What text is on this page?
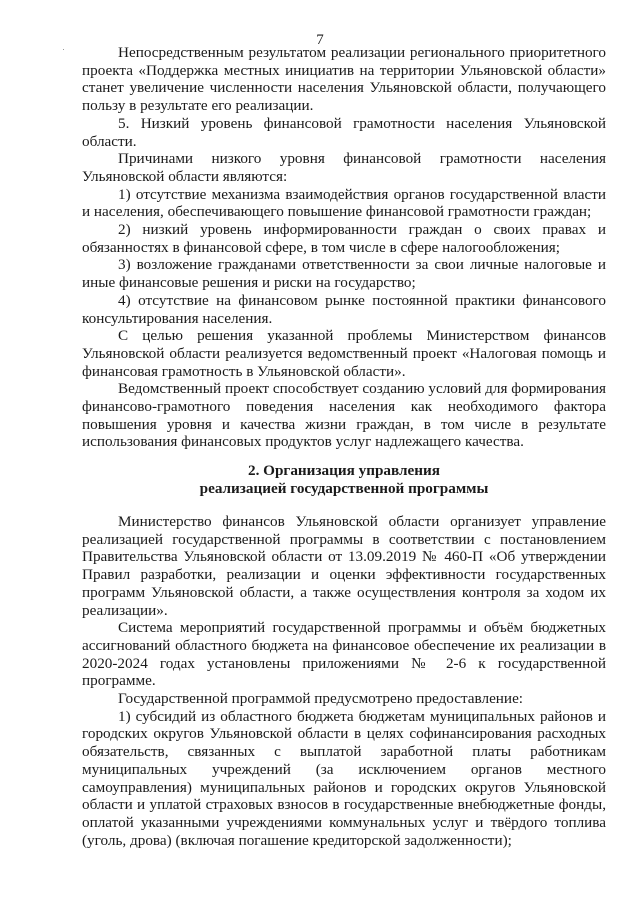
7

Непосредственным результатом реализации регионального приоритетного проекта «Поддержка местных инициатив на территории Ульяновской области» станет увеличение численности населения Ульяновской области, получающего пользу в результате его реализации.

5. Низкий уровень финансовой грамотности населения Ульяновской области.

Причинами низкого уровня финансовой грамотности населения Ульяновской области являются:

1) отсутствие механизма взаимодействия органов государственной власти и населения, обеспечивающего повышение финансовой грамотности граждан;

2) низкий уровень информированности граждан о своих правах и обязанностях в финансовой сфере, в том числе в сфере налогообложения;

3) возложение гражданами ответственности за свои личные налоговые и иные финансовые решения и риски на государство;

4) отсутствие на финансовом рынке постоянной практики финансового консультирования населения.

С целью решения указанной проблемы Министерством финансов Ульяновской области реализуется ведомственный проект «Налоговая помощь и финансовая грамотность в Ульяновской области».

Ведомственный проект способствует созданию условий для формирования финансово-грамотного поведения населения как необходимого фактора повышения уровня и качества жизни граждан, в том числе в результате использования финансовых продуктов услуг надлежащего качества.

2. Организация управления
реализацией государственной программы

Министерство финансов Ульяновской области организует управление реализацией государственной программы в соответствии с постановлением Правительства Ульяновской области от 13.09.2019 № 460-П «Об утверждении Правил разработки, реализации и оценки эффективности государственных программ Ульяновской области, а также осуществления контроля за ходом их реализации».

Система мероприятий государственной программы и объём бюджетных ассигнований областного бюджета на финансовое обеспечение их реализации в 2020-2024 годах установлены приложениями № 2-6 к государственной программе.

Государственной программой предусмотрено предоставление:

1) субсидий из областного бюджета бюджетам муниципальных районов и городских округов Ульяновской области в целях софинансирования расходных обязательств, связанных с выплатой заработной платы работникам муниципальных учреждений (за исключением органов местного самоуправления) муниципальных районов и городских округов Ульяновской области и уплатой страховых взносов в государственные внебюджетные фонды, оплатой указанными учреждениями коммунальных услуг и твёрдого топлива (уголь, дрова) (включая погашение кредиторской задолженности);
